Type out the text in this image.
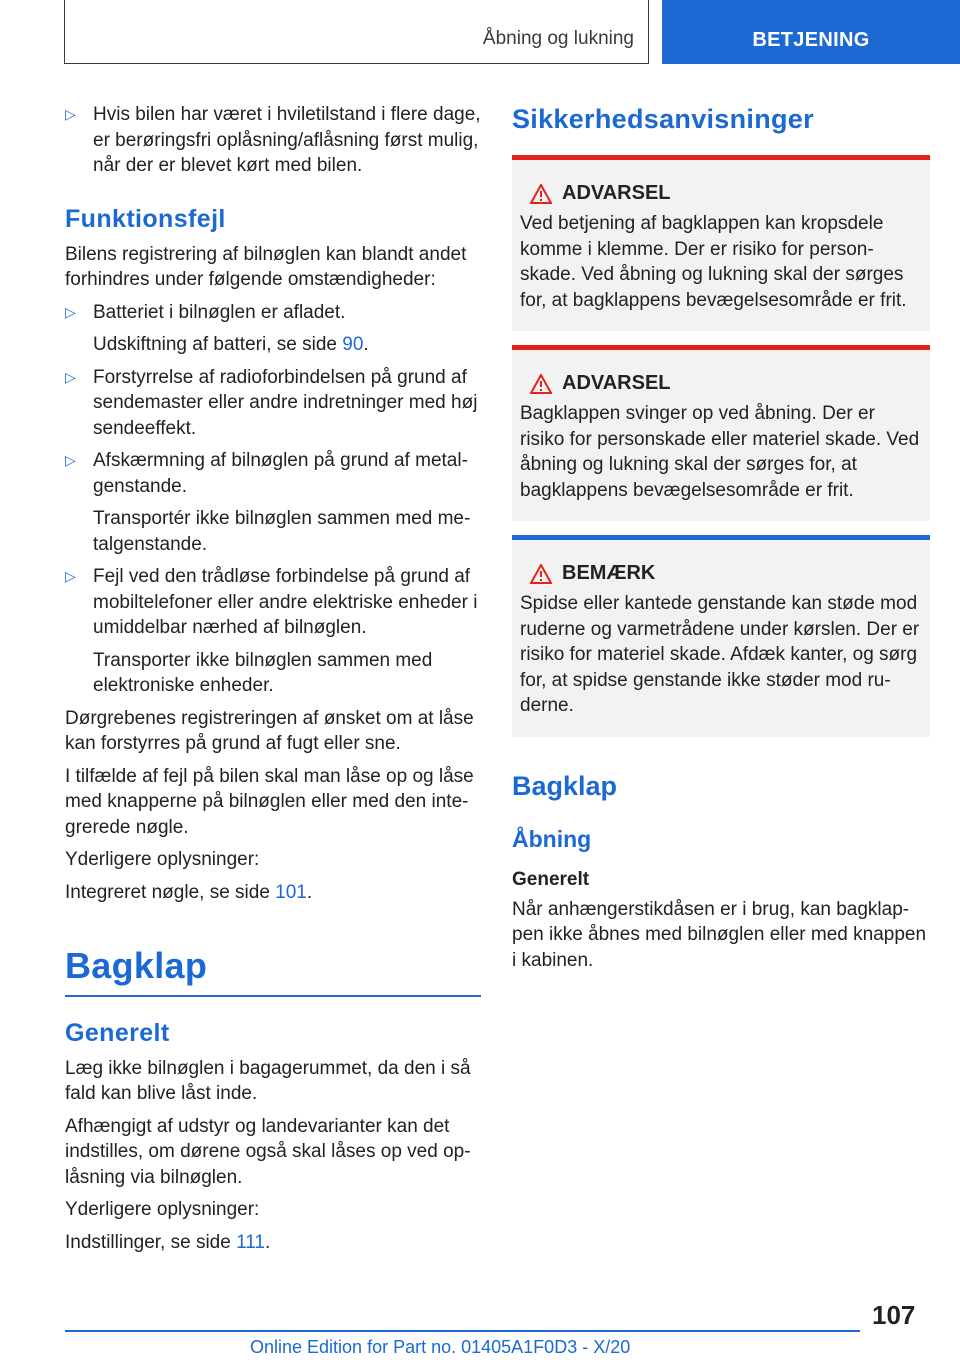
Åbning og lukning	BETJENING
▷ Hvis bilen har været i hviletilstand i flere dage, er berøringsfri oplåsning/aflåsning først mulig, når der er blevet kørt med bilen.
Funktionsfejl

Bilens registrering af bilnøglen kan blandt andet forhindres under følgende omstændigheder:

▷ Batteriet i bilnøglen er afladet.
Udskiftning af batteri, se side 90.
▷ Forstyrrelse af radioforbindelsen på grund af sendemaster eller andre indretninger med høj sendeeffekt.
▷ Afskærmning af bilnøglen på grund af metalgenstande.
Transportér ikke bilnøglen sammen med metalgenstande.
▷ Fejl ved den trådløse forbindelse på grund af mobiltelefoner eller andre elektriske enheder i umiddelbar nærhed af bilnøglen.
Transporter ikke bilnøglen sammen med elektroniske enheder.

Dørgrebenes registreringen af ønsket om at låse kan forstyrres på grund af fugt eller sne.

I tilfælde af fejl på bilen skal man låse op og låse med knapperne på bilnøglen eller med den integrerede nøgle.

Yderligere oplysninger:

Integreret nøgle, se side 101.

Bagklap
Generelt

Læg ikke bilnøglen i bagagerummet, da den i så fald kan blive låst inde.

Afhængigt af udstyr og landevarianter kan det indstilles, om dørene også skal låses op ved oplåsning via bilnøglen.

Yderligere oplysninger:

Indstillinger, se side 111.

Sikkerhedsanvisninger
ADVARSEL
Ved betjening af bagklappen kan kropsdele komme i klemme. Der er risiko for personskade. Ved åbning og lukning skal der sørges for, at bagklappens bevægelsesområde er frit.
ADVARSEL
Bagklappen svinger op ved åbning. Der er risiko for personskade eller materiel skade. Ved åbning og lukning skal der sørges for, at bagklappens bevægelsesområde er frit.
BEMÆRK
Spidse eller kantede genstande kan støde mod ruderne og varmetrådene under kørslen. Der er risiko for materiel skade. Afdæk kanter, og sørg for, at spidse genstande ikke støder mod ruderne.
Bagklap
Åbning
Generelt

Når anhængerstikdåsen er i brug, kan bagklappen ikke åbnes med bilnøglen eller med knappen i kabinen.

107
Online Edition for Part no. 01405A1F0D3 - X/20
